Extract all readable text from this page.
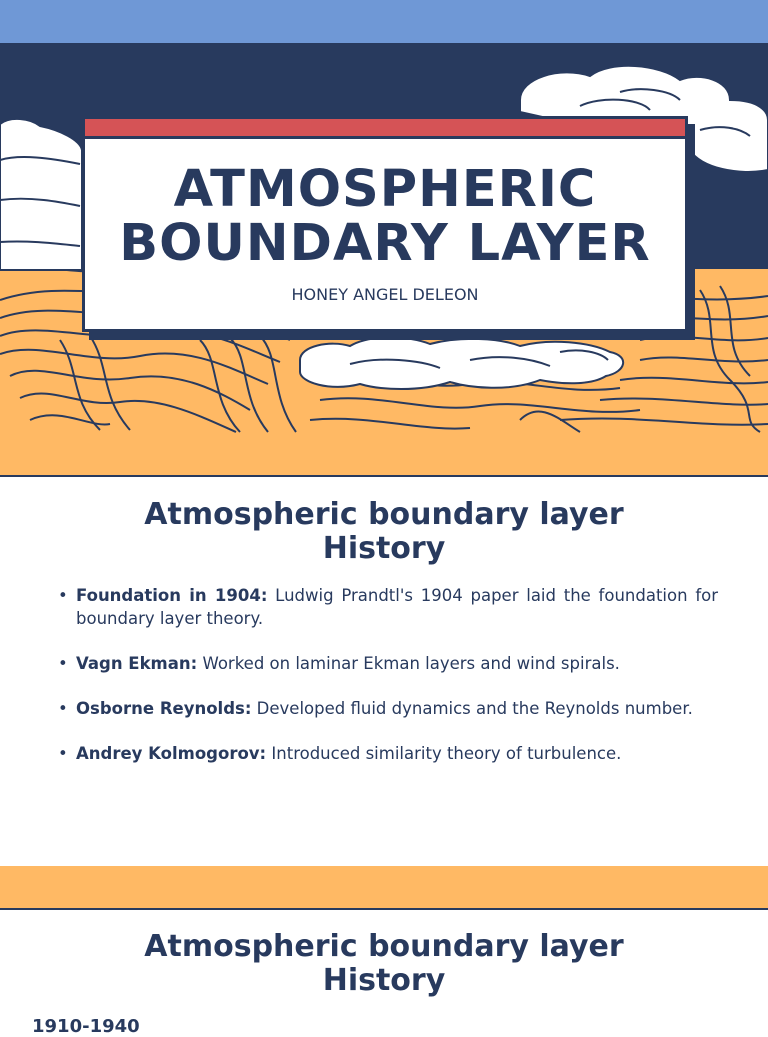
ATMOSPHERIC
BOUNDARY LAYER
HONEY ANGEL DELEON
Atmospheric boundary layer
History
• Foundation in 1904: Ludwig Prandtl's 1904 paper laid the foundation for boundary layer theory.
• Vagn Ekman: Worked on laminar Ekman layers and wind spirals.
• Osborne Reynolds: Developed fluid dynamics and the Reynolds number.
• Andrey Kolmogorov: Introduced similarity theory of turbulence.
Atmospheric boundary layer
History
1910-1940
